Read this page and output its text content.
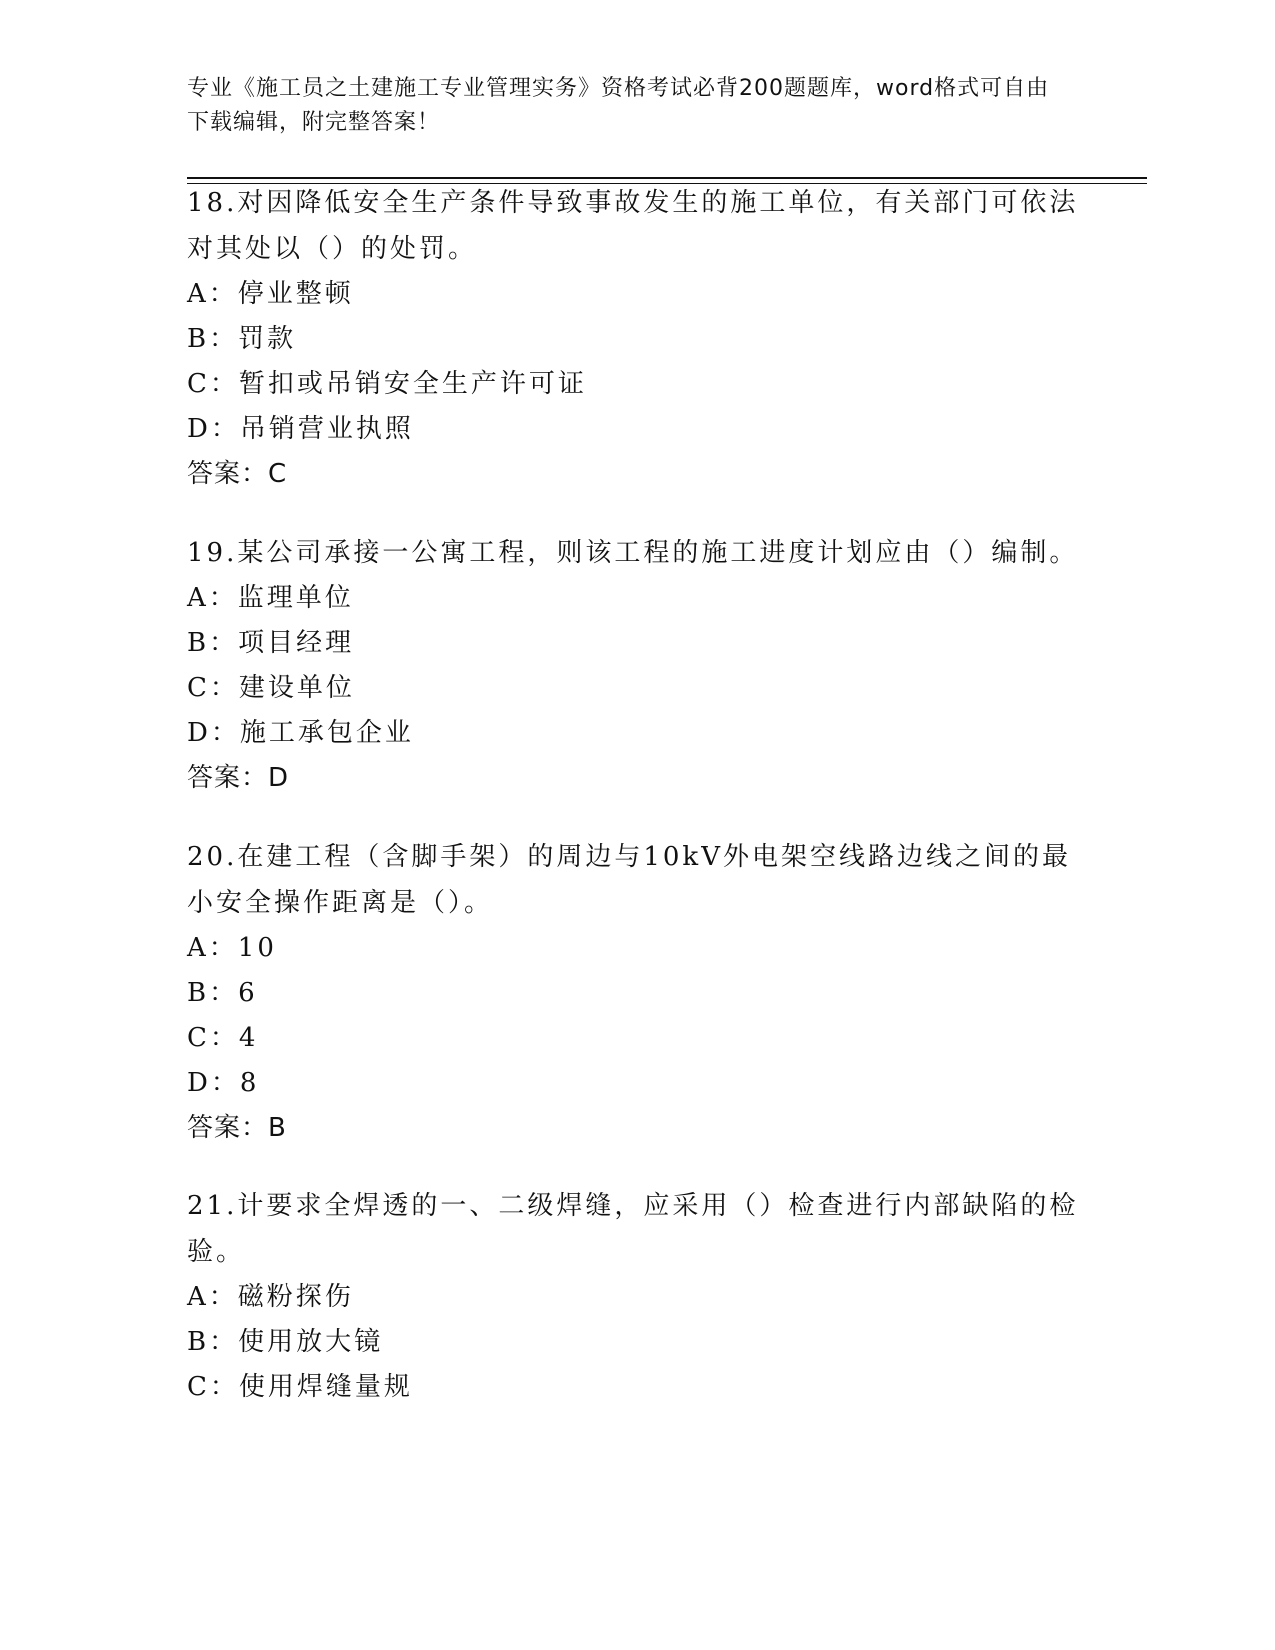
专业《施工员之土建施工专业管理实务》资格考试必背200题题库，word格式可自由下载编辑，附完整答案！
18.对因降低安全生产条件导致事故发生的施工单位，有关部门可依法对其处以（）的处罚。
A：停业整顿
B：罚款
C：暂扣或吊销安全生产许可证
D：吊销营业执照
答案：C
19.某公司承接一公寓工程，则该工程的施工进度计划应由（）编制。
A：监理单位
B：项目经理
C：建设单位
D：施工承包企业
答案：D
20.在建工程（含脚手架）的周边与10kV外电架空线路边线之间的最小安全操作距离是（）。
A：10
B：6
C：4
D：8
答案：B
21.计要求全焊透的一、二级焊缝，应采用（）检查进行内部缺陷的检验。
A：磁粉探伤
B：使用放大镜
C：使用焊缝量规
